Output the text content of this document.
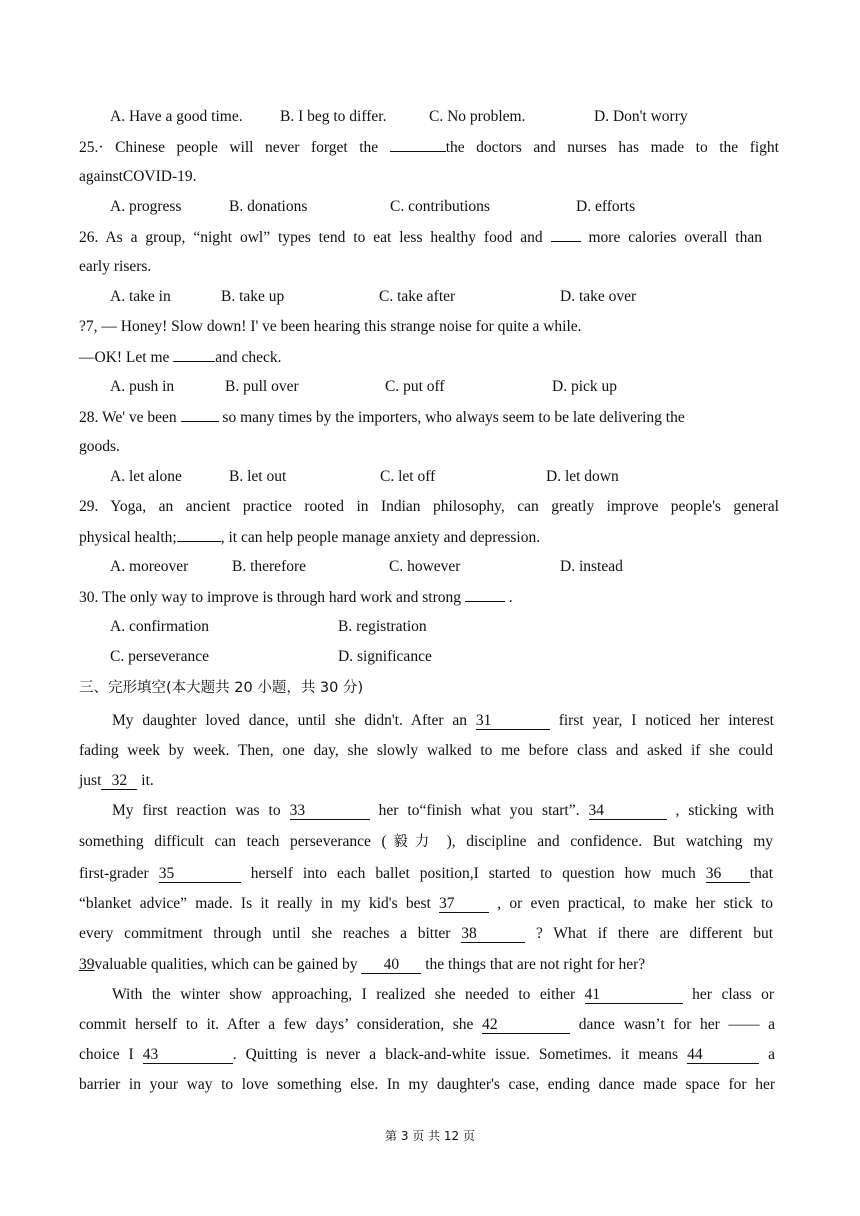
A. Have a good time. B. I beg to differ.	C. No problem.	D. Don't worry
25.· Chinese people will never forget the	the doctors and nurses has made to the fight
againstCOVID-19.
A. progress	B. donations	C. contributions	D. efforts
26. As a group, “night owl” types tend to eat less healthy food and	more calories overall than
early risers.
A. take in	B. take up	C. take after	D. take over
?7, — Honey! Slow down! I' ve been hearing this strange noise for quite a while.
—OK! Let me	and check.
A. push in	B. pull over	C. put off	D. pick up
28. We' ve been	so many times by the importers, who always seem to be late delivering the
goods.
A. let alone	B. let out	C. let off	D. let down
29. Yoga, an ancient practice rooted in Indian philosophy, can greatly improve people's general
physical health;	, it can help people manage anxiety and depression.
A. moreover	B. therefore	C. however	D. instead
30. The only way to improve is through hard work and strong	.
A. confirmation	B. registration
C. perseverance	D. significance
三、完形填空(本大题共 20 小题，共 30 分)
My daughter loved dance, until she didn't. After an 31	first year, I noticed her interest
fading week by week. Then, one day, she slowly walked to me before class and asked if she could
just 32 it.
My first reaction was to 33	her to“finish what you start”. 34	, sticking with
something difficult can teach perseverance (毅力 ), discipline and confidence. But watching my
first-grader 35	herself into each ballet position,I started to question how much 36 that
“blanket advice” made. Is it really in my kid's best 37	, or even practical, to make her stick to
every commitment through until she reaches a bitter 38	? What if there are different but
39valuable qualities, which can be gained by 40 the things that are not right for her?
With the winter show approaching, I realized she needed to either 41	her class or
commit herself to it. After a few days’ consideration, she 42	dance wasn’t for her —— a
choice I 43	. Quitting is never a black-and-white issue. Sometimes. it means 44	a
barrier in your way to love something else. In my daughter's case, ending dance made space for her
第 3 页 共 12 页
